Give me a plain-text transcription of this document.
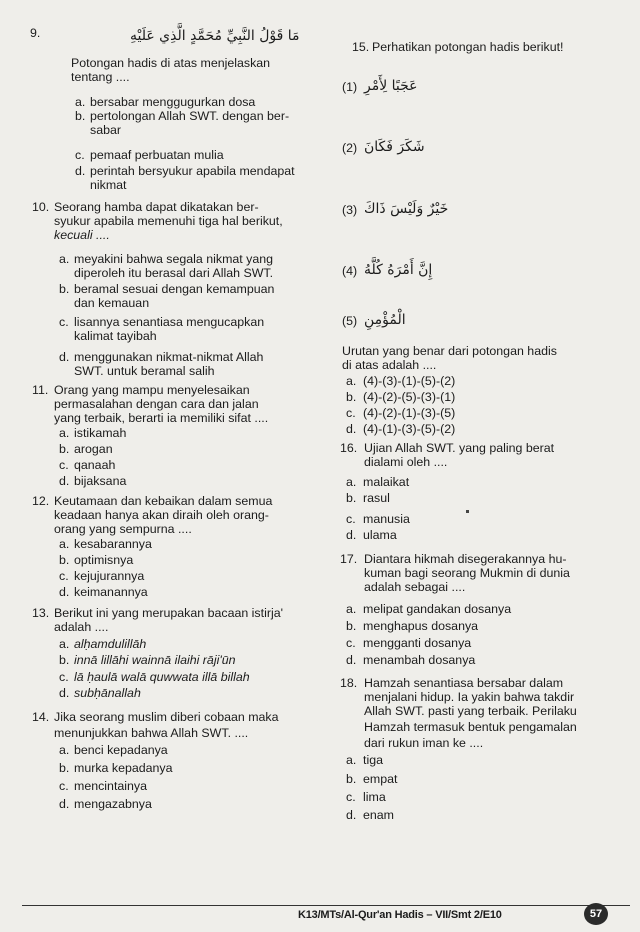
9.	مَا قَوْلُ النَّبِيِّ مُحَمَّدٍ الَّذِي عَلَيْهِ
Potongan hadis di atas menjelaskan
tentang ....
a. bersabar menggugurkan dosa
b. pertolongan Allah SWT. dengan ber-
sabar
c. pemaaf perbuatan mulia
d. perintah bersyukur apabila mendapat
nikmat
10. Seorang hamba dapat dikatakan ber-
syukur apabila memenuhi tiga hal berikut,
kecuali ....
a. meyakini bahwa segala nikmat yang
diperoleh itu berasal dari Allah SWT.
b. beramal sesuai dengan kemampuan
dan kemauan
c. lisannya senantiasa mengucapkan
kalimat tayibah
d. menggunakan nikmat-nikmat Allah
SWT. untuk beramal salih
11. Orang yang mampu menyelesaikan
permasalahan dengan cara dan jalan
yang terbaik, berarti ia memiliki sifat ....
a. istikamah
b. arogan
c. qanaah
d. bijaksana
12. Keutamaan dan kebaikan dalam semua
keadaan hanya akan diraih oleh orang-
orang yang sempurna ....
a. kesabarannya
b. optimisnya
c. kejujurannya
d. keimanannya
13. Berikut ini yang merupakan bacaan istirja'
adalah ....
a. alḥamdulillāh
b. innā lillāhi wainnā ilaihi rāji'ūn
c. lā ḥaulā walā quwwata illā billah
d. subḥānallah
14. Jika seorang muslim diberi cobaan maka
menunjukkan bahwa Allah SWT. ....
a. benci kepadanya
b. murka kepadanya
c. mencintainya
d. mengazabnya
15. Perhatikan potongan hadis berikut!
(1) عَجَبًا لِأَمْرِ
(2) شَكَرَ فَكَانَ
(3) خَيْرٌ وَلَيْسَ ذَاكَ
(4) إِنَّ أَمْرَهُ كُلَّهُ
(5) الْمُؤْمِنِ
Urutan yang benar dari potongan hadis
di atas adalah ....
a. (4)-(3)-(1)-(5)-(2)
b. (4)-(2)-(5)-(3)-(1)
c. (4)-(2)-(1)-(3)-(5)
d. (4)-(1)-(3)-(5)-(2)
16. Ujian Allah SWT. yang paling berat
dialami oleh ....
a. malaikat
b. rasul
c. manusia
d. ulama
17. Diantara hikmah disegerakannya hu-
kuman bagi seorang Mukmin di dunia
adalah sebagai ....
a. melipat gandakan dosanya
b. menghapus dosanya
c. mengganti dosanya
d. menambah dosanya
18. Hamzah senantiasa bersabar dalam
menjalani hidup. Ia yakin bahwa takdir
Allah SWT. pasti yang terbaik. Perilaku
Hamzah termasuk bentuk pengamalan
dari rukun iman ke ....
a. tiga
b. empat
c. lima
d. enam
K13/MTs/Al-Qur'an Hadis – VII/Smt 2/E10	57
